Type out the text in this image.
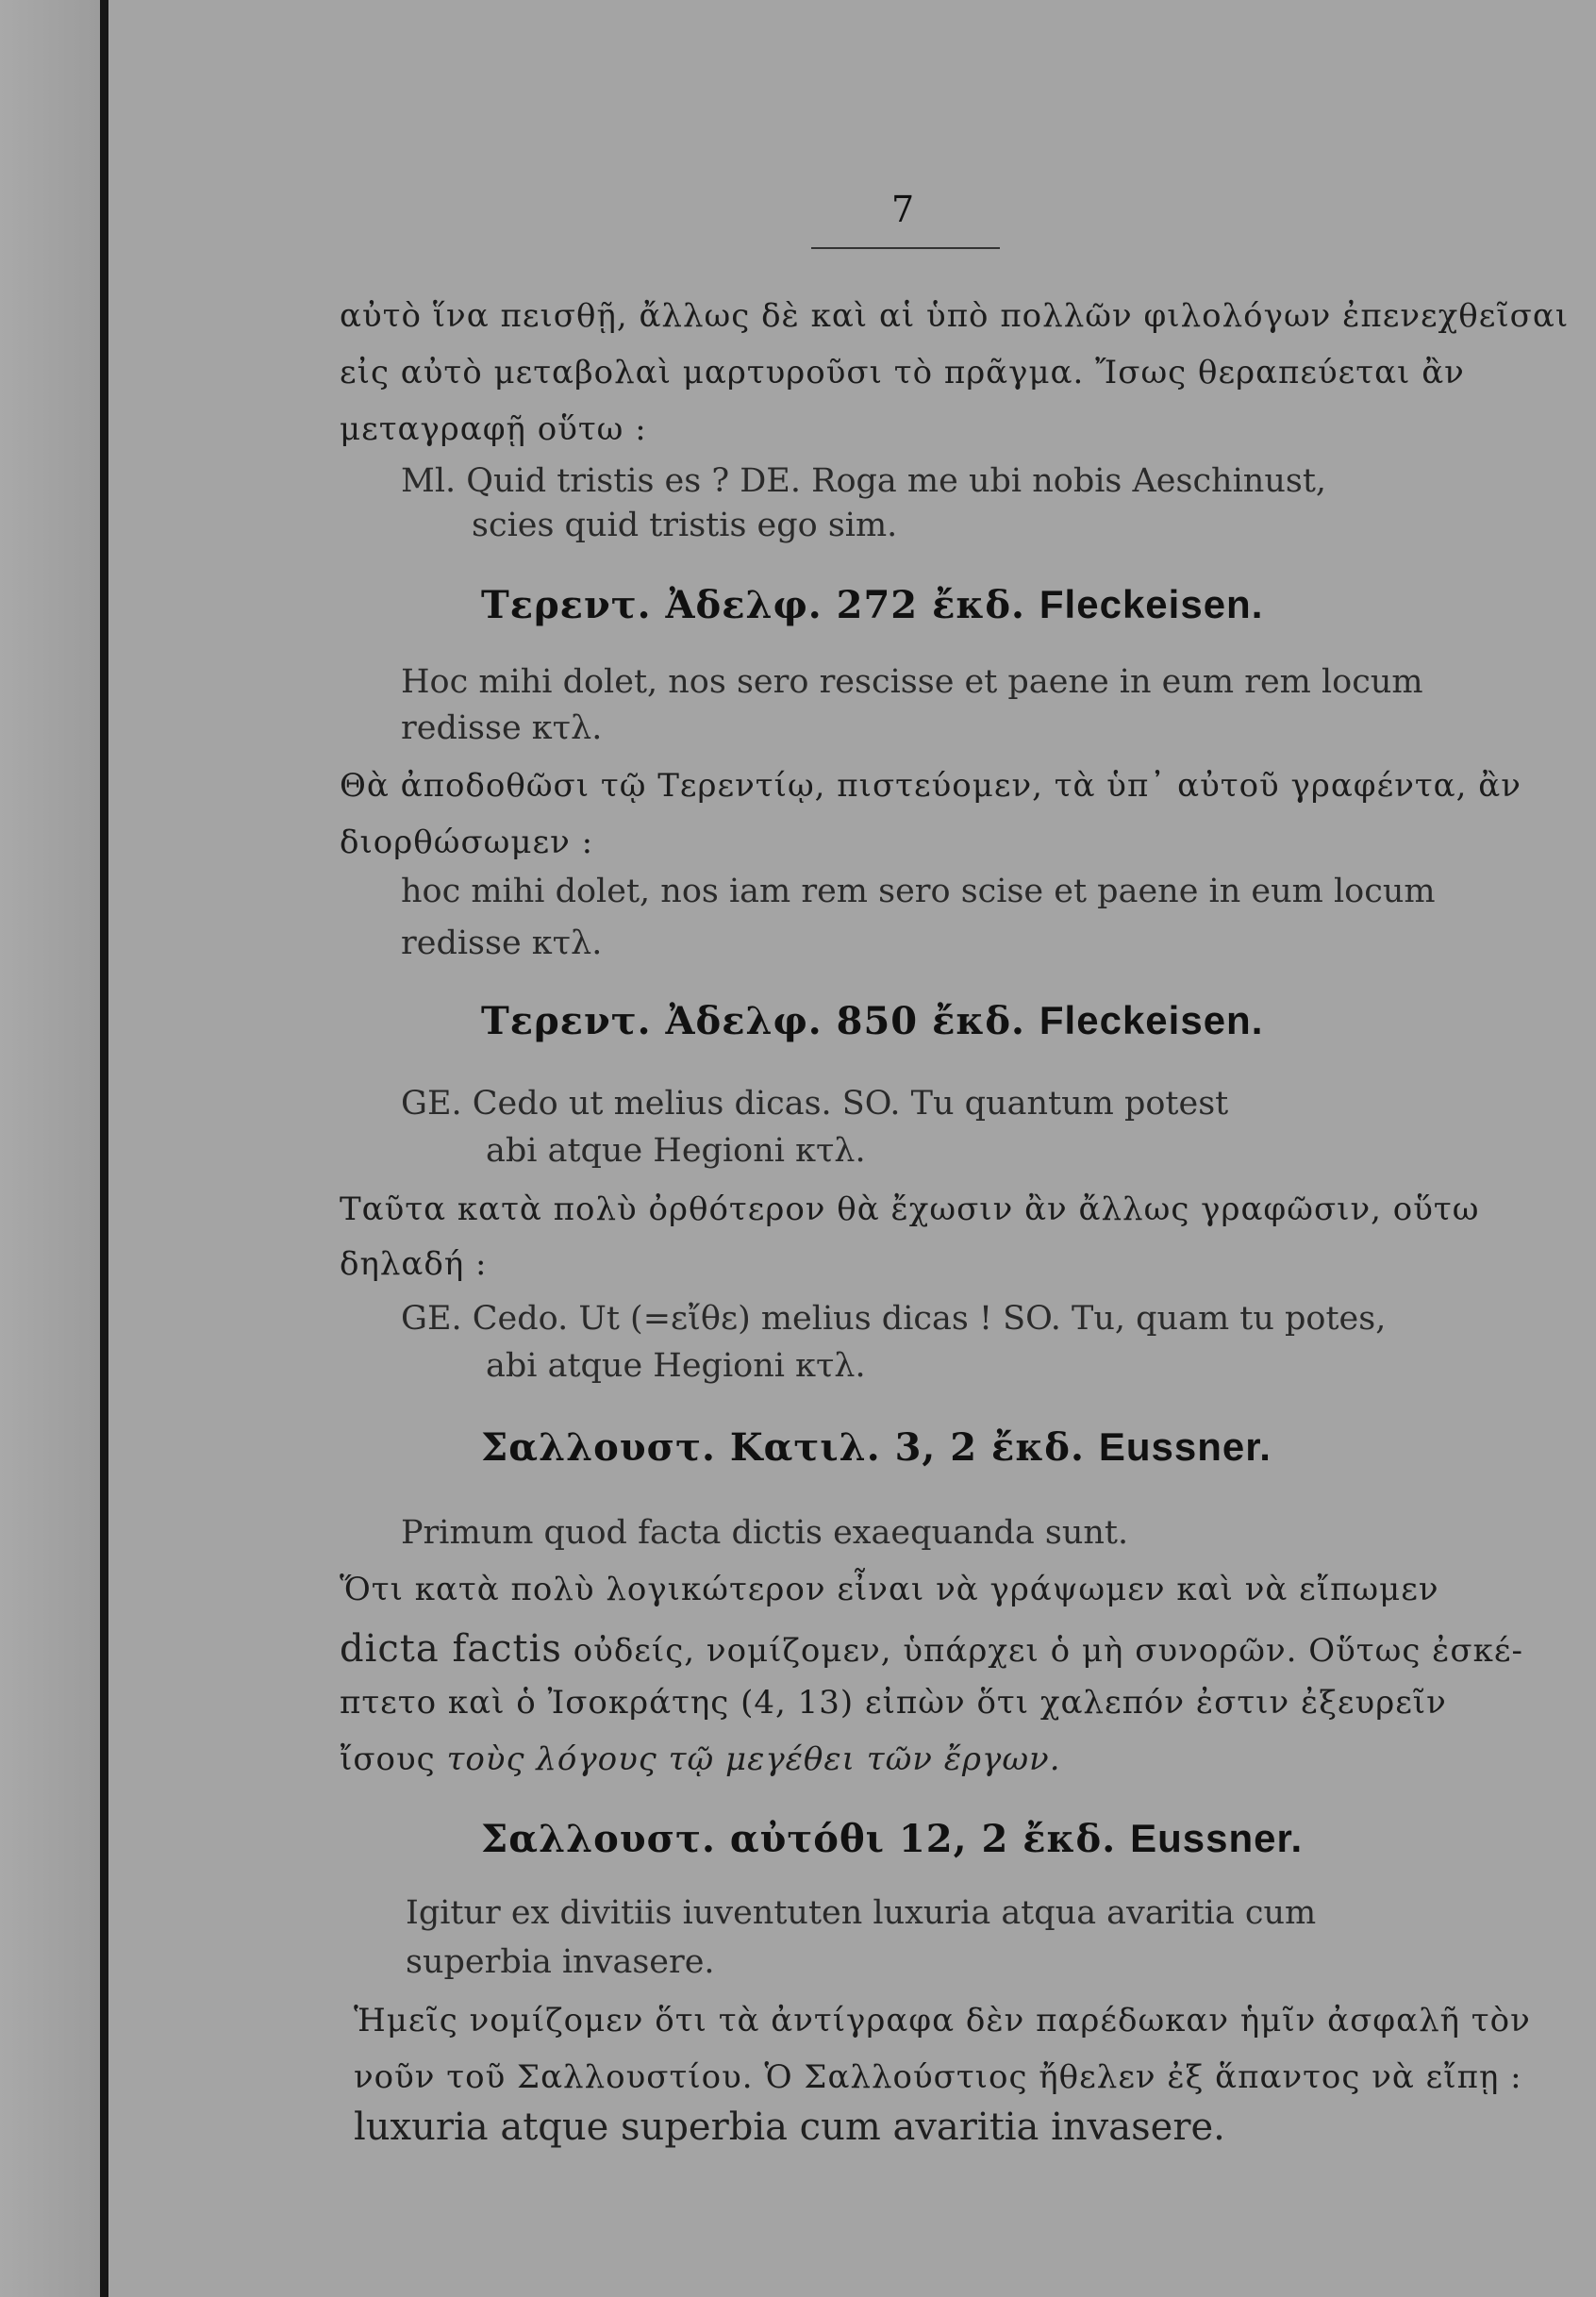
7
αὐτὸ ἵνα πεισθῇ, ἄλλως δὲ καὶ αἱ ὑπὸ πολλῶν φιλολόγων ἐπενεχθεῖσαι
εἰς αὐτὸ μεταβολαὶ μαρτυροῦσι τὸ πρᾶγμα. Ἴσως θεραπεύεται ἂν
μεταγραφῇ οὕτω :
Ml. Quid tristis es ? DE. Roga me ubi nobis Aeschinust,
scies quid tristis ego sim.
Τερεντ. Ἀδελφ. 272 ἔκδ. Fleckeisen.
Hoc mihi dolet, nos sero rescisse et paene in eum rem locum
redisse κτλ.
Θὰ ἀποδοθῶσι τῷ Τερεντίῳ, πιστεύομεν, τὰ ὑπ᾽ αὐτοῦ γραφέντα, ἂν
διορθώσωμεν :
hoc mihi dolet, nos iam rem sero scise et paene in eum locum
redisse κτλ.
Τερεντ. Ἀδελφ. 850 ἔκδ. Fleckeisen.
GE. Cedo ut melius dicas. SO. Tu quantum potest
abi atque Hegioni κτλ.
Ταῦτα κατὰ πολὺ ὀρθότερον θὰ ἔχωσιν ἂν ἄλλως γραφῶσιν, οὕτω
δηλαδή :
GE. Cedo. Ut (=εἴθε) melius dicas ! SO. Tu, quam tu potes,
abi atque Hegioni κτλ.
Σαλλουστ. Κατιλ. 3, 2 ἔκδ. Eussner.
Primum quod facta dictis exaequanda sunt.
Ὅτι κατὰ πολὺ λογικώτερον εἶναι νὰ γράψωμεν καὶ νὰ εἴπωμεν
dicta factis οὐδείς, νομίζομεν, ὑπάρχει ὁ μὴ συνορῶν. Οὕτως ἐσκέ-
πτετο καὶ ὁ Ἰσοκράτης (4, 13) εἰπὼν ὅτι χαλεπόν ἐστιν ἐξευρεῖν
ἴσους τοὺς λόγους τῷ μεγέθει τῶν ἔργων.
Σαλλουστ. αὐτόθι 12, 2 ἔκδ. Eussner.
Igitur ex divitiis iuventuten luxuria atqua avaritia cum
superbia invasere.
Ἡμεῖς νομίζομεν ὅτι τὰ ἀντίγραφα δὲν παρέδωκαν ἡμῖν ἀσφαλῆ τὸν
νοῦν τοῦ Σαλλουστίου. Ὁ Σαλλούστιος ἤθελεν ἐξ ἅπαντος νὰ εἴπῃ :
luxuria atque superbia cum avaritia invasere.
